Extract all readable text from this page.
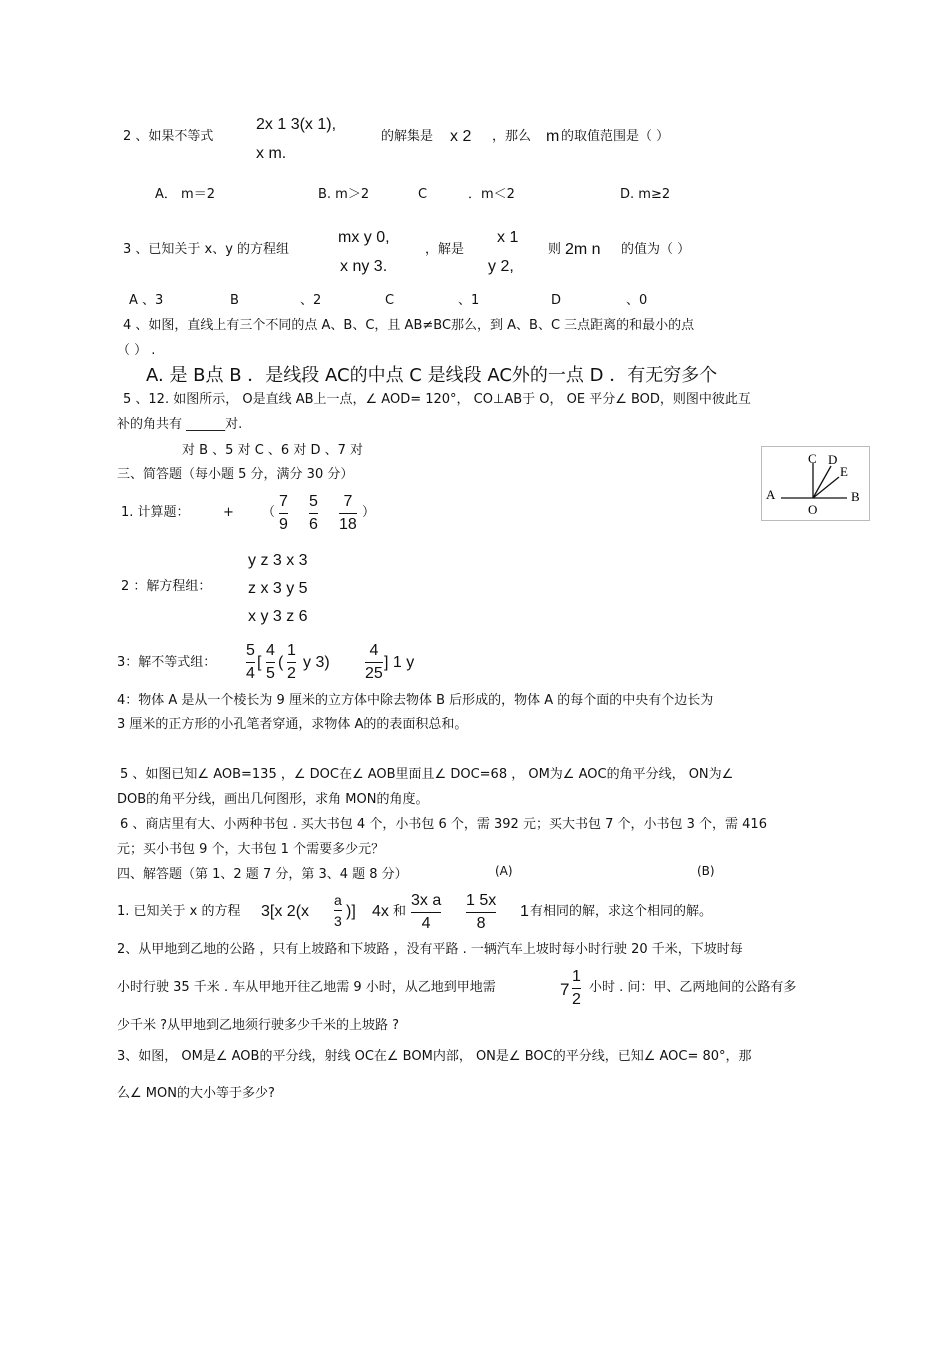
2 、如果不等式
2x 1 3(x 1),
x m.
的解集是 x 2 ，那么 m 的取值范围是（ ）
A． m＝2	B. m＞2	C	．m＜2	D. m≥2
3 、已知关于 x、y 的方程组
mx y 0,
x ny 3.
，解是
x 1
y 2,
则 2m n 的值为（ ）
A 、3	B	、2	C	、1	D	、0
4 、如图，直线上有三个不同的点 A、B、C，且 AB≠BC那么，到 A、B、C 三点距离的和最小的点
（ ） .
A. 是 B点 B ．是线段 AC的中点 C 是线段 AC外的一点 D ．有无穷多个
5 、12. 如图所示， O是直线 AB上一点，∠ AOD= 120°， CO⊥AB于 O， OE 平分∠ BOD，则图中彼此互
补的角共有 ______对.
对 B 、5 对 C 、6 对 D 、7 对
C D
E
A
O
B
三、简答题（每小题 5 分，满分 30 分）
1. 计算题：	+ （
7
9
5
6
7
18
）
2 ：解方程组：
y z 3 x 3
z x 3 y 5
x y 3 z 6
3：解不等式组：
5
4
[
4
5
(
1
2
y 3)
4
25
] 1 y
4：物体 A 是从一个棱长为 9 厘米的立方体中除去物体 B 后形成的，物体 A 的每个面的中央有个边长为
3 厘米的正方形的小孔笔者穿通，求物体 A的的表面积总和。
5 、如图已知∠ AOB=135 ，∠ DOC在∠ AOB里面且∠ DOC=68 ， OM为∠ AOC的角平分线， ON为∠
DOB的角平分线，画出几何图形，求角 MON的角度。
6 、商店里有大、小两种书包 . 买大书包 4 个，小书包 6 个，需 392 元；买大书包 7 个，小书包 3 个，需 416
元；买小书包 9 个，大书包 1 个需要多少元？
四、解答题（第 1、2 题 7 分，第 3、4 题 8 分）	(A)	(B)
1. 已知关于 x 的方程 3[x 2(x
a
3
)] 4x 和
3x a
4
1 5x
8
1 有相同的解，求这个相同的解。
2、从甲地到乙地的公路 ，只有上坡路和下坡路 ，没有平路 . 一辆汽车上坡时每小时行驶 20 千米，下坡时每
小时行驶 35 千米 . 车从甲地开往乙地需 9 小时，从乙地到甲地需	7
1
2
小时 . 问：甲、乙两地间的公路有多
少千米 ?从甲地到乙地须行驶多少千米的上坡路 ?
3、如图， OM是∠ AOB的平分线，射线 OC在∠ BOM内部， ON是∠ BOC的平分线，已知∠ AOC= 80°，那
么∠ MON的大小等于多少?
